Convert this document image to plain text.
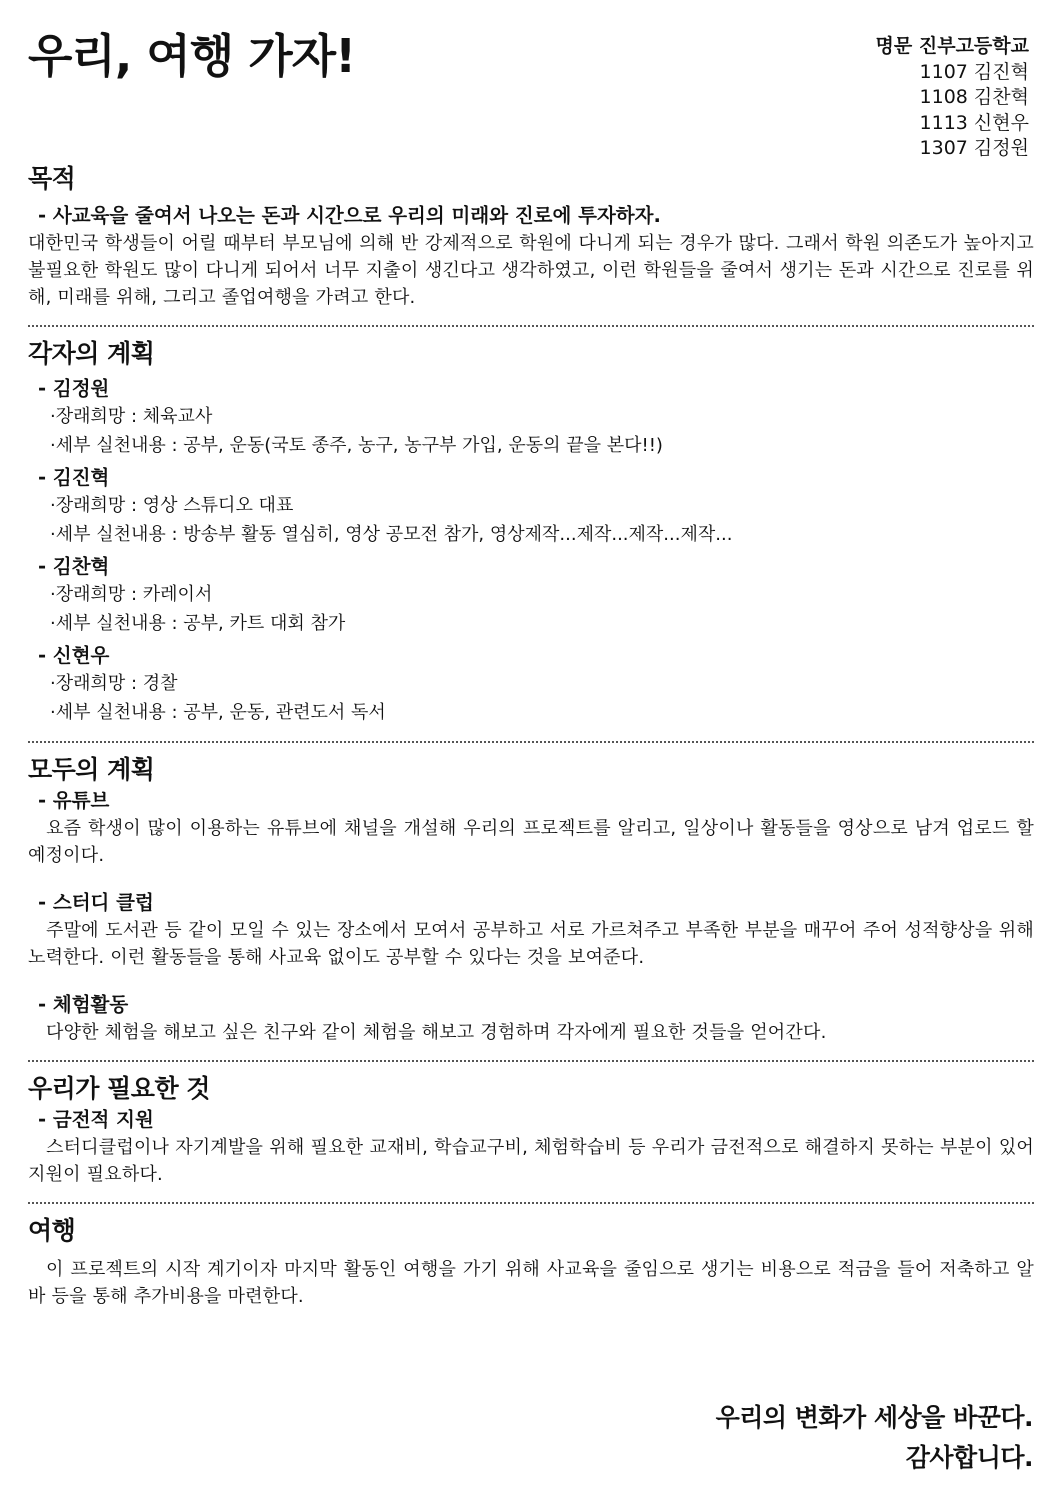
우리, 여행 가자!	명문 진부고등학교
1107 김진혁
1108 김찬혁
1113 신현우
1307 김정원
목적

- 사교육을 줄여서 나오는 돈과 시간으로 우리의 미래와 진로에 투자하자.

대한민국 학생들이 어릴 때부터 부모님에 의해 반 강제적으로 학원에 다니게 되는 경우가 많다. 그래서 학원 의존도가 높아지고 불필요한 학원도 많이 다니게 되어서 너무 지출이 생긴다고 생각하였고, 이런 학원들을 줄여서 생기는 돈과 시간으로 진로를 위해, 미래를 위해, 그리고 졸업여행을 가려고 한다.

각자의 계획

- 김정원

·장래희망 : 체육교사

·세부 실천내용 : 공부, 운동(국토 종주, 농구, 농구부 가입, 운동의 끝을 본다!!)

- 김진혁

·장래희망 : 영상 스튜디오 대표

·세부 실천내용 : 방송부 활동 열심히, 영상 공모전 참가, 영상제작...제작...제작...제작...

- 김찬혁

·장래희망 : 카레이서

·세부 실천내용 : 공부, 카트 대회 참가

- 신현우

·장래희망 : 경찰

·세부 실천내용 : 공부, 운동, 관련도서 독서

모두의 계획

- 유튜브

요즘 학생이 많이 이용하는 유튜브에 채널을 개설해 우리의 프로젝트를 알리고, 일상이나 활동들을 영상으로 남겨 업로드 할 예정이다.

- 스터디 클럽

주말에 도서관 등 같이 모일 수 있는 장소에서 모여서 공부하고 서로 가르쳐주고 부족한 부분을 매꾸어 주어 성적향상을 위해 노력한다. 이런 활동들을 통해 사교육 없이도 공부할 수 있다는 것을 보여준다.

- 체험활동

다양한 체험을 해보고 싶은 친구와 같이 체험을 해보고 경험하며 각자에게 필요한 것들을 얻어간다.

우리가 필요한 것

- 금전적 지원

스터디클럽이나 자기계발을 위해 필요한 교재비, 학습교구비, 체험학습비 등 우리가 금전적으로 해결하지 못하는 부분이 있어 지원이 필요하다.

여행

이 프로젝트의 시작 계기이자 마지막 활동인 여행을 가기 위해 사교육을 줄임으로 생기는 비용으로 적금을 들어 저축하고 알바 등을 통해 추가비용을 마련한다.

우리의 변화가 세상을 바꾼다.
감사합니다.
